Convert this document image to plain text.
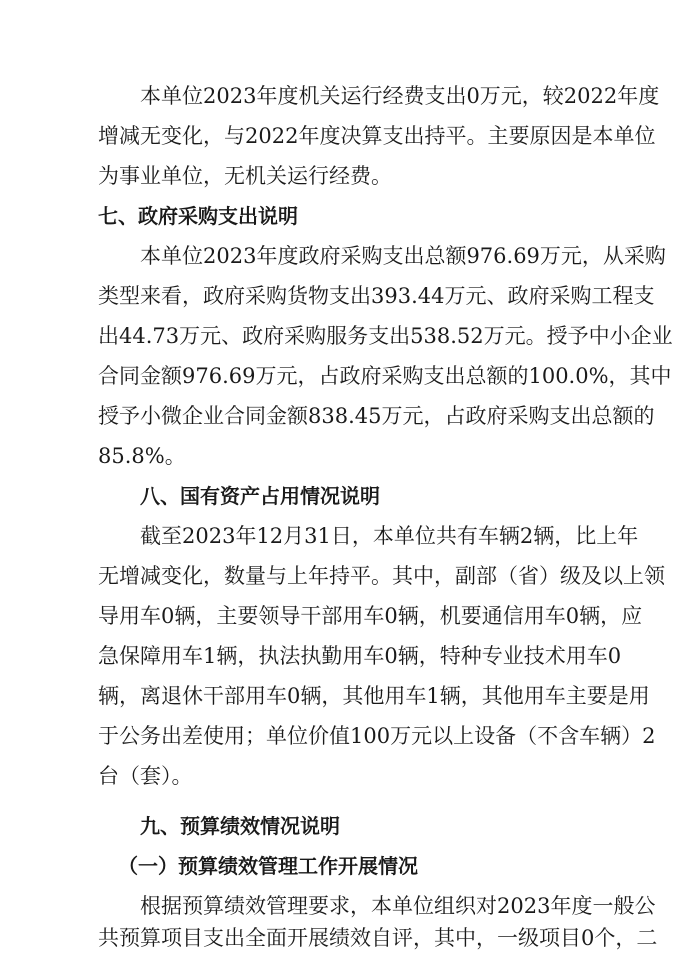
本单位2023年度机关运行经费支出0万元，较2022年度
增减无变化，与2022年度决算支出持平。主要原因是本单位
为事业单位，无机关运行经费。
七、政府采购支出说明
本单位2023年度政府采购支出总额976.69万元，从采购
类型来看，政府采购货物支出393.44万元、政府采购工程支
出44.73万元、政府采购服务支出538.52万元。授予中小企业
合同金额976.69万元，占政府采购支出总额的100.0%，其中
授予小微企业合同金额838.45万元，占政府采购支出总额的
85.8%。
八、国有资产占用情况说明
截至2023年12月31日，本单位共有车辆2辆，比上年
无增减变化，数量与上年持平。其中，副部（省）级及以上领
导用车0辆，主要领导干部用车0辆，机要通信用车0辆，应
急保障用车1辆，执法执勤用车0辆，特种专业技术用车0
辆，离退休干部用车0辆，其他用车1辆，其他用车主要是用
于公务出差使用；单位价值100万元以上设备（不含车辆）2
台（套）。
九、预算绩效情况说明
（一）预算绩效管理工作开展情况
根据预算绩效管理要求，本单位组织对2023年度一般公
共预算项目支出全面开展绩效自评，其中，一级项目0个，二
